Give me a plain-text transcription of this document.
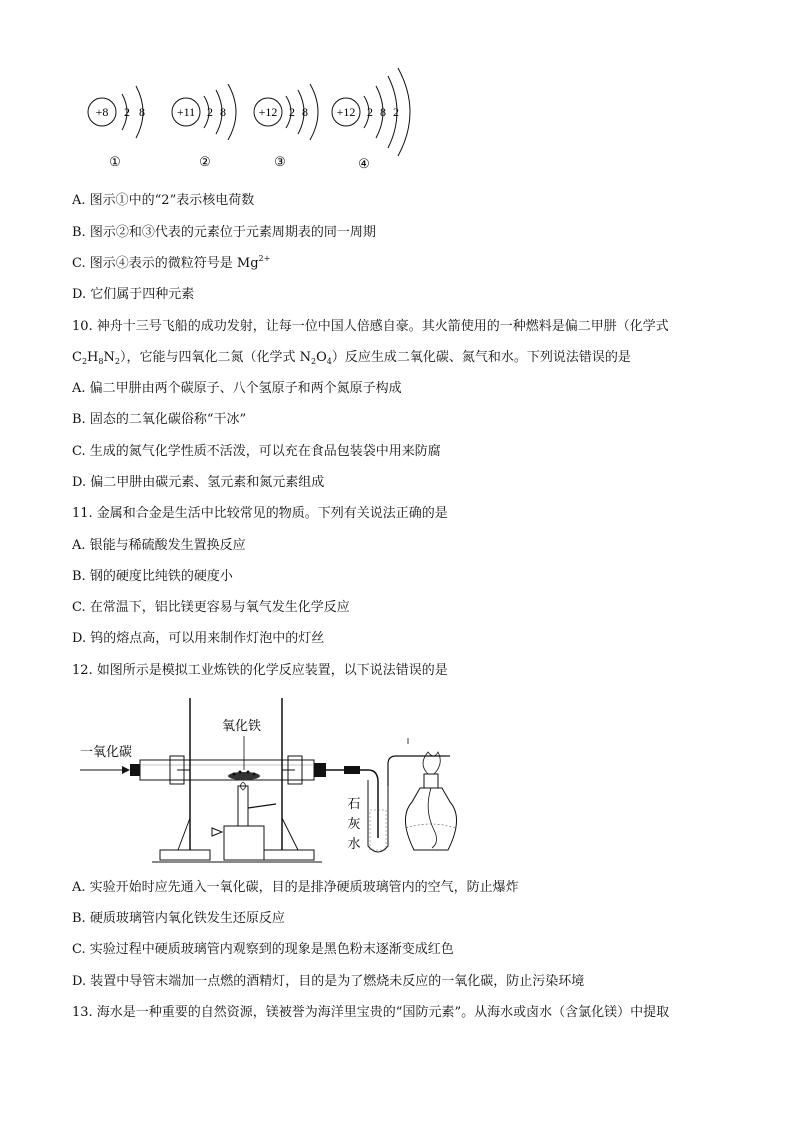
+8 2 8
①
+11 2 8
②
+12 2 8
③
+12 2 8 2
④
A. 图示①中的“2”表示核电荷数
B. 图示②和③代表的元素位于元素周期表的同一周期
C. 图示④表示的微粒符号是 $Mg^{2+}$
D. 它们属于四种元素
10. 神舟十三号飞船的成功发射，让每一位中国人倍感自豪。其火箭使用的一种燃料是偏二甲肼（化学式
$C_2H_8N_2$），它能与四氧化二氮（化学式 $N_2O_4$）反应生成二氧化碳、氮气和水。下列说法错误的是
A. 偏二甲肼由两个碳原子、八个氢原子和两个氮原子构成
B. 固态的二氧化碳俗称“干冰”
C. 生成的氮气化学性质不活泼，可以充在食品包装袋中用来防腐
D. 偏二甲肼由碳元素、氢元素和氮元素组成
11. 金属和合金是生活中比较常见的物质。下列有关说法正确的是
A. 银能与稀硫酸发生置换反应
B. 钢的硬度比纯铁的硬度小
C. 在常温下，铝比镁更容易与氧气发生化学反应
D. 钨的熔点高，可以用来制作灯泡中的灯丝
12. 如图所示是模拟工业炼铁的化学反应装置，以下说法错误的是
一氧化碳
氧化铁
石
灰
水
A. 实验开始时应先通入一氧化碳，目的是排净硬质玻璃管内的空气，防止爆炸
B. 硬质玻璃管内氧化铁发生还原反应
C. 实验过程中硬质玻璃管内观察到的现象是黑色粉末逐渐变成红色
D. 装置中导管末端加一点燃的酒精灯，目的是为了燃烧未反应的一氧化碳，防止污染环境
13. 海水是一种重要的自然资源，镁被誉为海洋里宝贵的“国防元素”。从海水或卤水（含氯化镁）中提取
